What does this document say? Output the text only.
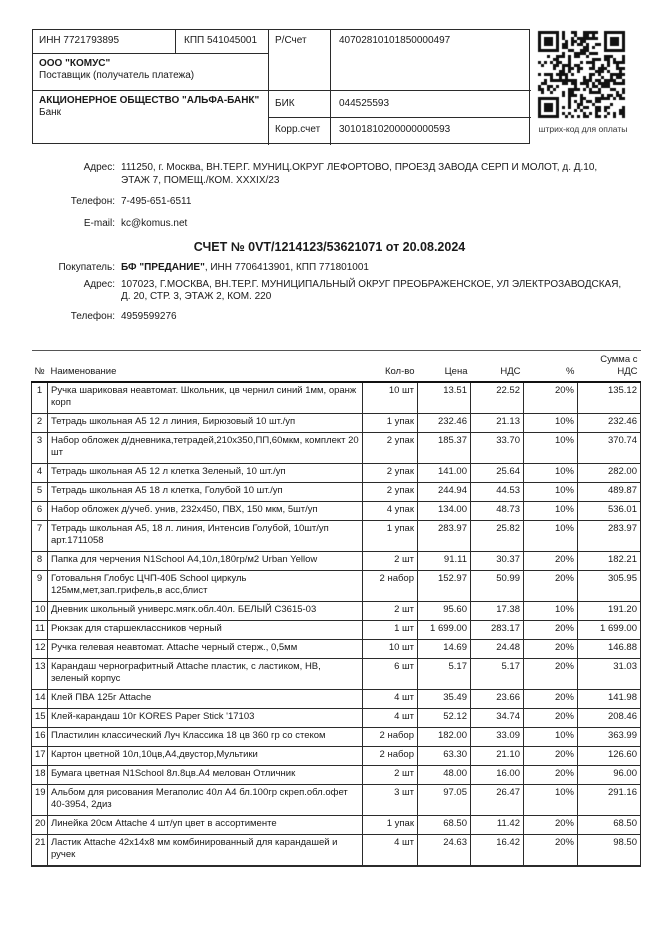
ИНН 7721793895	КПП 541045001	Р/Счет	40702810101850000497
ООО "КОМУС"
Поставщик (получатель платежа)
АКЦИОНЕРНОЕ ОБЩЕСТВО "АЛЬФА-БАНК"
Банк
БИК	044525593
Корр.счет	30101810200000000593	штрих-код для оплаты
Адрес: 111250, г. Москва, ВН.ТЕР.Г. МУНИЦ.ОКРУГ ЛЕФОРТОВО, ПРОЕЗД ЗАВОДА СЕРП И МОЛОТ, д. Д.10, ЭТАЖ 7, ПОМЕЩ./КОМ. XXXIX/23
Телефон: 7-495-651-6511
E-mail: kc@komus.net
СЧЕТ № 0VT/1214123/53621071 от 20.08.2024
Покупатель: БФ "ПРЕДАНИЕ", ИНН 7706413901, КПП 771801001
Адрес: 107023, Г.МОСКВА, ВН.ТЕР.Г. МУНИЦИПАЛЬНЫЙ ОКРУГ ПРЕОБРАЖЕНСКОЕ, УЛ ЭЛЕКТРОЗАВОДСКАЯ, Д. 20, СТР. 3, ЭТАЖ 2, КОМ. 220
Телефон: 4959599276
№	Наименование	Кол-во	Цена	НДС	%	Сумма с НДС
1	Ручка шариковая неавтомат. Школьник, цв чернил синий 1мм, оранж корп	10 шт	13.51	22.52	20%	135.12
2	Тетрадь школьная А5 12 л линия, Бирюзовый 10 шт./уп	1 упак	232.46	21.13	10%	232.46
3	Набор обложек д/дневника,тетрадей,210х350,ПП,60мкм, комплект 20 шт	2 упак	185.37	33.70	10%	370.74
4	Тетрадь школьная А5 12 л клетка Зеленый, 10 шт./уп	2 упак	141.00	25.64	10%	282.00
5	Тетрадь школьная А5 18 л клетка, Голубой 10 шт./уп	2 упак	244.94	44.53	10%	489.87
6	Набор обложек д/учеб. унив, 232х450, ПВХ, 150 мкм, 5шт/уп	4 упак	134.00	48.73	10%	536.01
7	Тетрадь школьная А5, 18 л. линия, Интенсив Голубой, 10шт/уп арт.1711058	1 упак	283.97	25.82	10%	283.97
8	Папка для черчения N1School А4,10л,180гр/м2 Urban Yellow	2 шт	91.11	30.37	20%	182.21
9	Готовальня Глобус ЦЧП-40Б School циркуль 125мм,мет,зап.грифель,в асс,блист	2 набор	152.97	50.99	20%	305.95
10	Дневник школьный универс.мягк.обл.40л. БЕЛЫЙ С3615-03	2 шт	95.60	17.38	10%	191.20
11	Рюкзак для старшеклассников черный	1 шт	1 699.00	283.17	20%	1 699.00
12	Ручка гелевая неавтомат. Attache черный стерж., 0,5мм	10 шт	14.69	24.48	20%	146.88
13	Карандаш чернографитный Attache пластик, с ластиком, НВ, зеленый корпус	6 шт	5.17	5.17	20%	31.03
14	Клей ПВА 125г Attache	4 шт	35.49	23.66	20%	141.98
15	Клей-карандаш 10г KORES Paper Stick '17103	4 шт	52.12	34.74	20%	208.46
16	Пластилин классический Луч Классика 18 цв 360 гр со стеком	2 набор	182.00	33.09	10%	363.99
17	Картон цветной 10л,10цв,А4,двустор,Мультики	2 набор	63.30	21.10	20%	126.60
18	Бумага цветная N1School 8л.8цв.А4 мелован Отличник	2 шт	48.00	16.00	20%	96.00
19	Альбом для рисования Мегаполис 40л А4 бл.100гр скреп.обл.офет 40-3954, 2диз	3 шт	97.05	26.47	10%	291.16
20	Линейка 20см Attache 4 шт/уп цвет в ассортименте	1 упак	68.50	11.42	20%	68.50
21	Ластик Attache 42х14х8 мм комбинированный для карандашей и ручек	4 шт	24.63	16.42	20%	98.50
